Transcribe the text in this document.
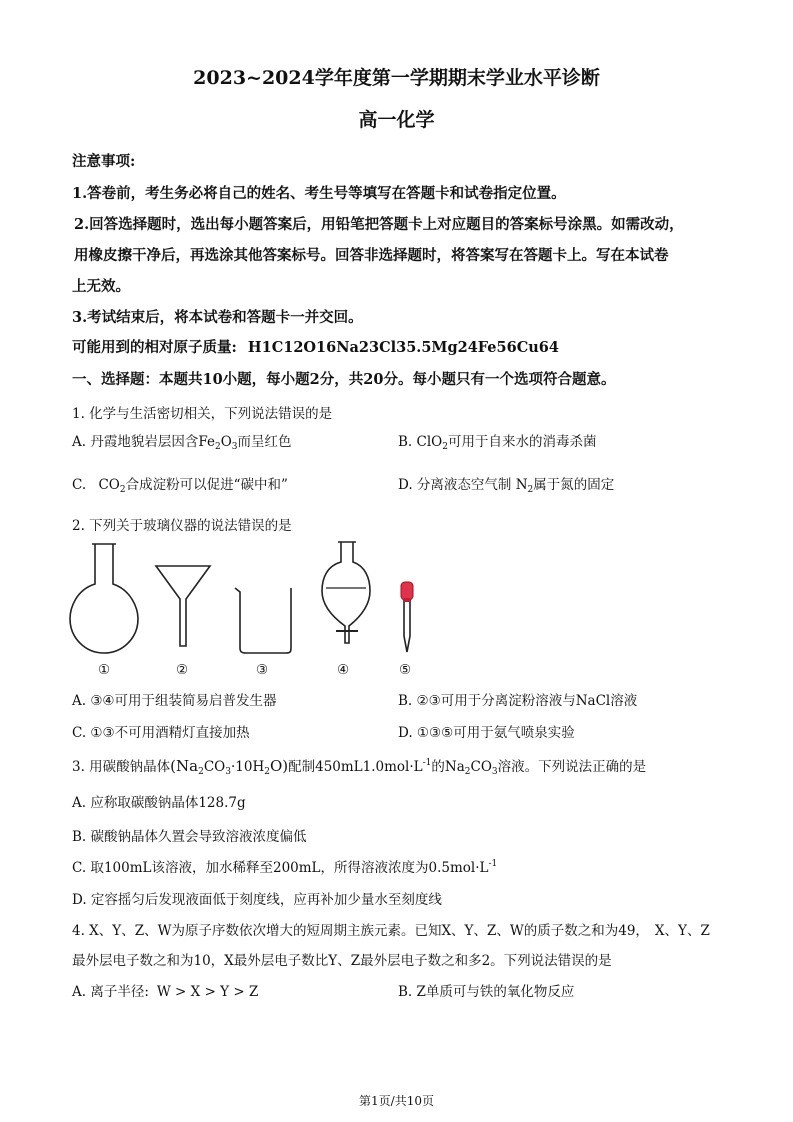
2023~2024学年度第一学期期末学业水平诊断
高一化学
注意事项:
1.答卷前，考生务必将自己的姓名、考生号等填写在答题卡和试卷指定位置。
2.回答选择题时，选出每小题答案后，用铅笔把答题卡上对应题目的答案标号涂黑。如需改动，
用橡皮擦干净后，再选涂其他答案标号。回答非选择题时，将答案写在答题卡上。写在本试卷
上无效。
3.考试结束后，将本试卷和答题卡一并交回。
可能用到的相对原子质量: H1C12O16Na23Cl35.5Mg24Fe56Cu64
一、选择题：本题共10小题，每小题2分，共20分。每小题只有一个选项符合题意。
1. 化学与生活密切相关，下列说法错误的是
A. 丹霞地貌岩层因含$Fe_2O_3$而呈红色	B. ClO$_2$可用于自来水的消毒杀菌
C. $CO_2$合成淀粉可以促进“碳中和”	D. 分离液态空气制 $N_2$属于氮的固定
2. 下列关于玻璃仪器的说法错误的是
①	②	③	④	⑤
A. ③④可用于组装简易启普发生器	B. ②③可用于分离淀粉溶液与NaCl溶液
C. ①③不可用酒精灯直接加热	D. ①③⑤可用于氨气喷泉实验
3. 用碳酸钠晶体$(Na_2CO_3\cdot 10H_2O)$配制$450mL1.0mol\cdot L^{-1}$的$Na_2CO_3$溶液。下列说法正确的是
A. 应称取碳酸钠晶体128.7g
B. 碳酸钠晶体久置会导致溶液浓度偏低
C. 取100mL该溶液，加水稀释至200mL，所得溶液浓度为$0.5mol\cdot L^{-1}$
D. 定容摇匀后发现液面低于刻度线，应再补加少量水至刻度线
4. X、Y、Z、W为原子序数依次增大的短周期主族元素。已知X、Y、Z、W的质子数之和为49， X、Y、Z
最外层电子数之和为10，X最外层电子数比Y、Z最外层电子数之和多2。下列说法错误的是
A. 离子半径: W > X > Y > Z	B. Z单质可与铁的氧化物反应
第1页/共10页
